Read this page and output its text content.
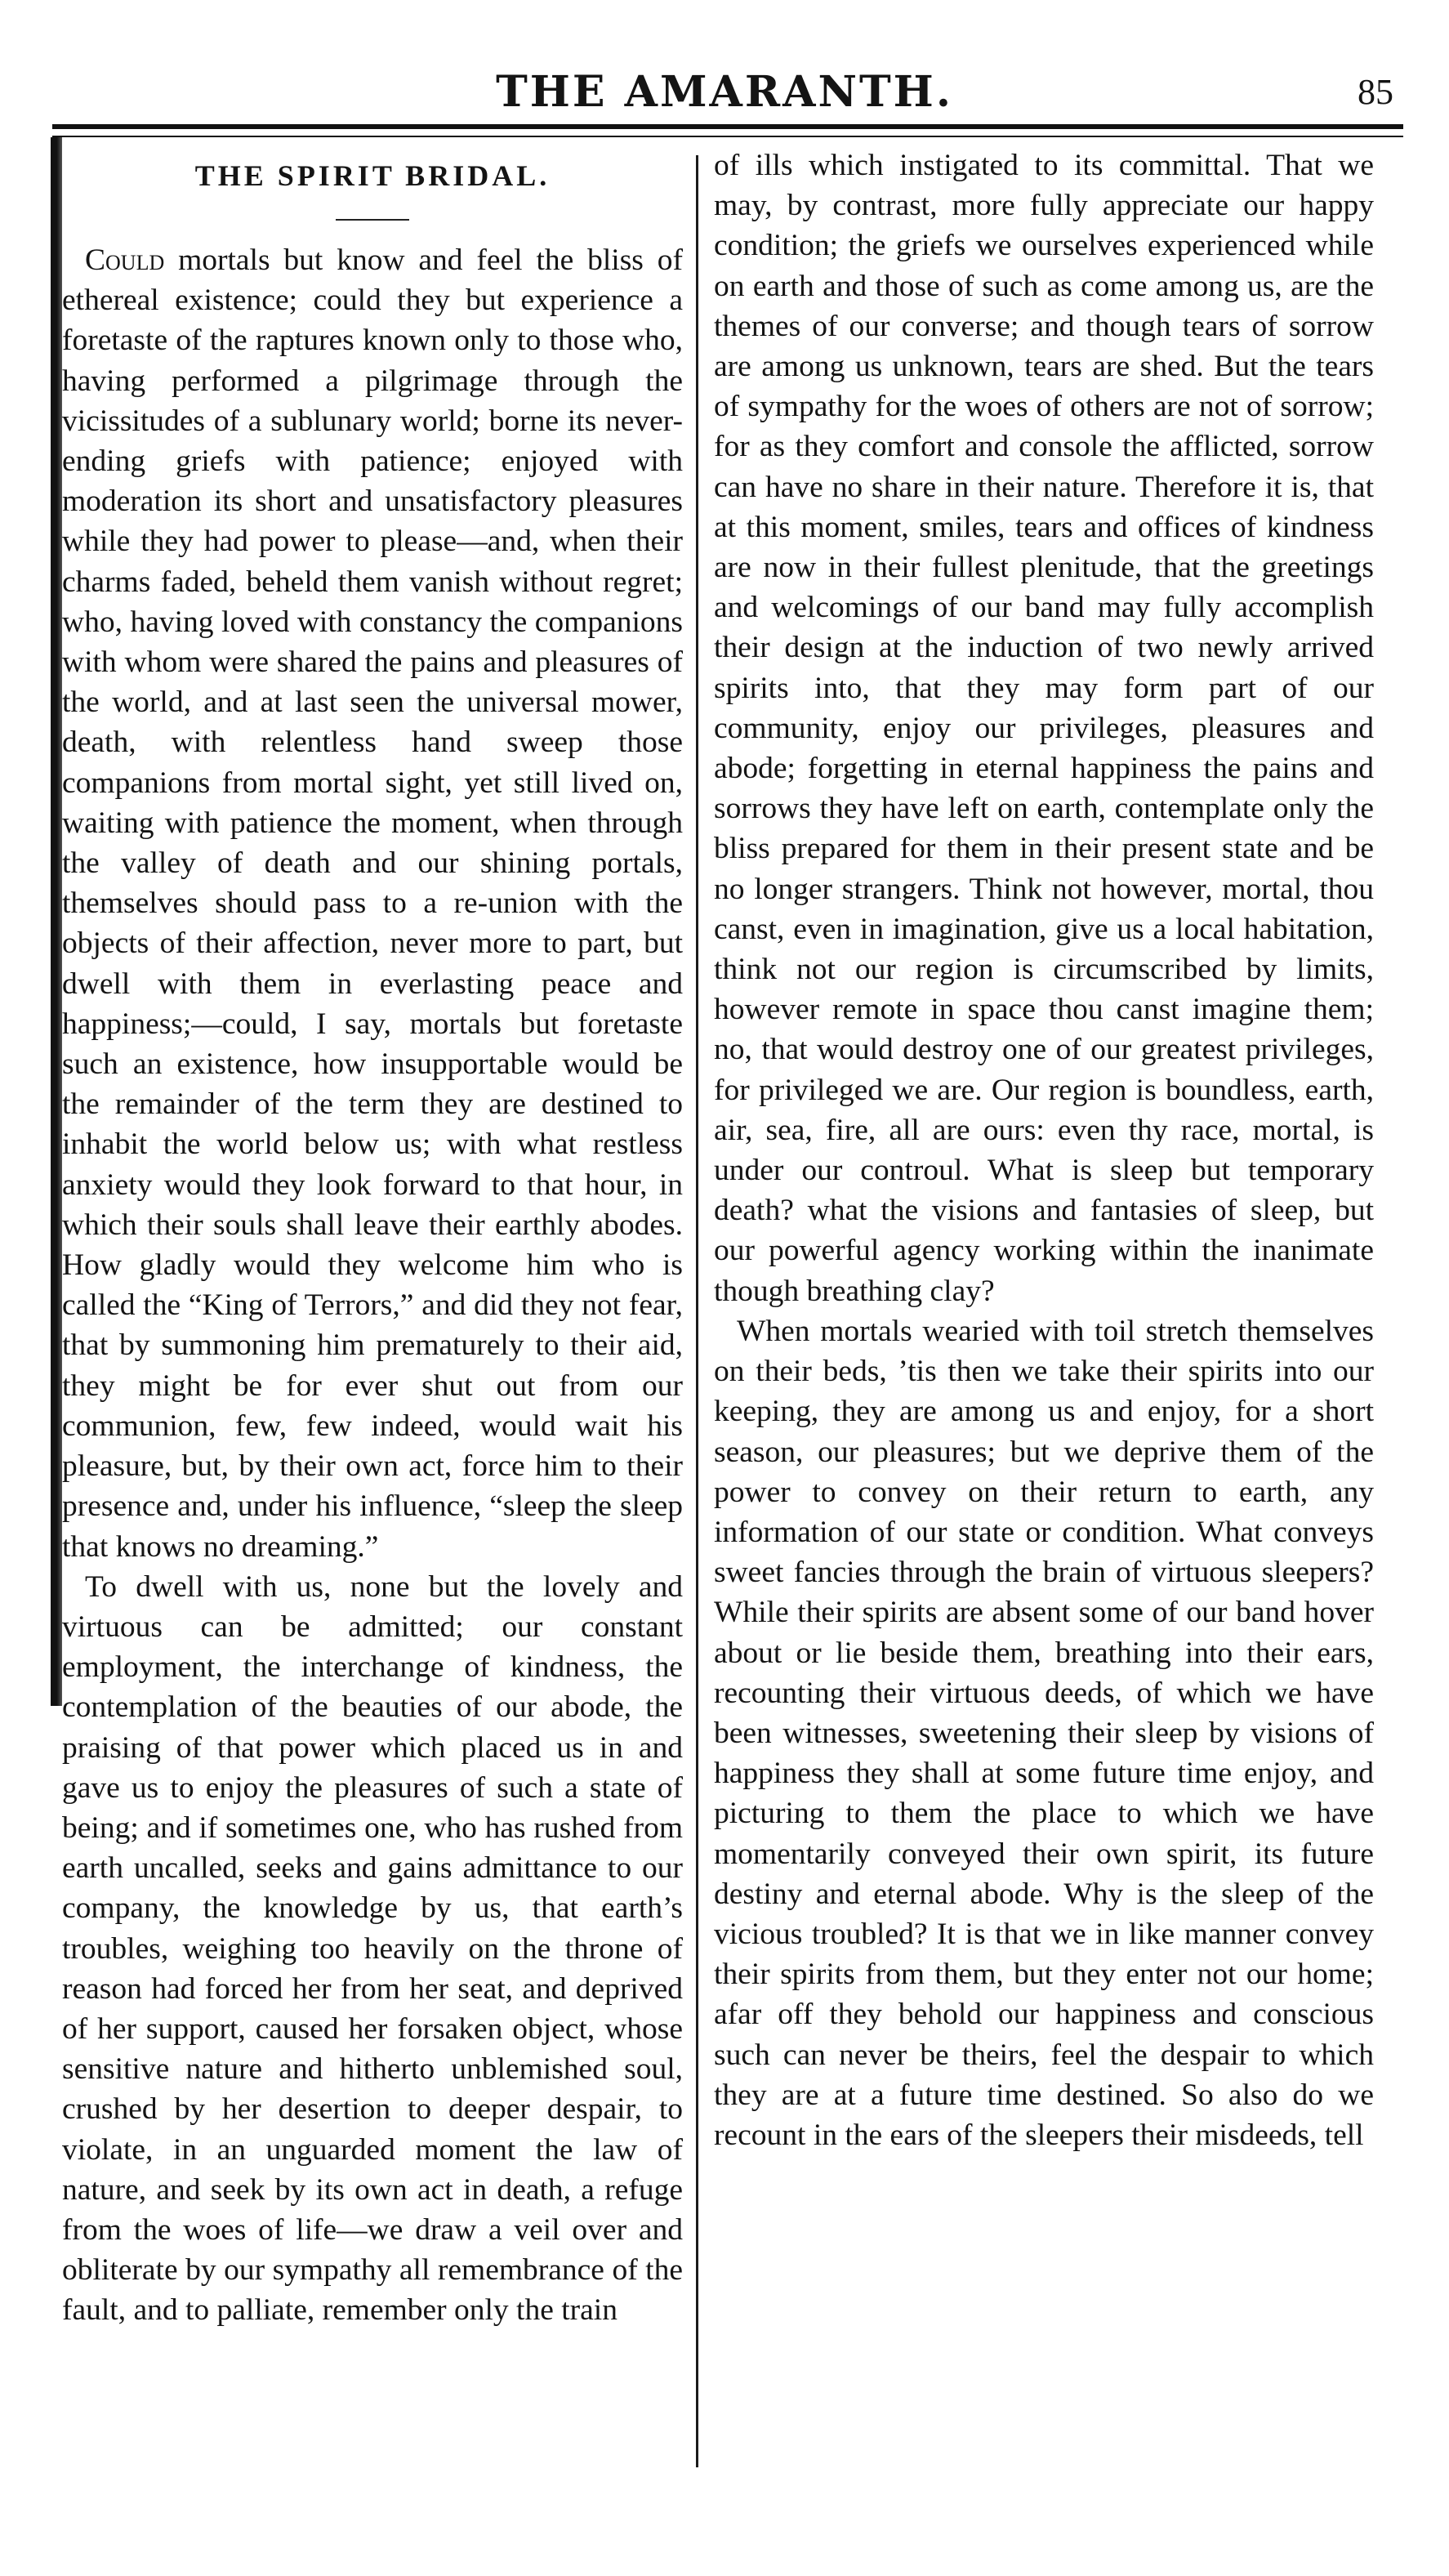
THE AMARANTH.	85
THE SPIRIT BRIDAL.

Could mortals but know and feel the bliss of ethereal existence; could they but experience a foretaste of the raptures known only to those who, having performed a pilgrimage through the vicissitudes of a sublunary world; borne its never-ending griefs with patience; enjoyed with moderation its short and unsatisfactory pleasures while they had power to please—and, when their charms faded, beheld them vanish without regret; who, having loved with constancy the companions with whom were shared the pains and pleasures of the world, and at last seen the universal mower, death, with relentless hand sweep those companions from mortal sight, yet still lived on, waiting with patience the moment, when through the valley of death and our shining portals, themselves should pass to a re-union with the objects of their affection, never more to part, but dwell with them in everlasting peace and happiness;—could, I say, mortals but foretaste such an existence, how insupportable would be the remainder of the term they are destined to inhabit the world below us; with what restless anxiety would they look forward to that hour, in which their souls shall leave their earthly abodes. How gladly would they welcome him who is called the “King of Terrors,” and did they not fear, that by summoning him prematurely to their aid, they might be for ever shut out from our communion, few, few indeed, would wait his pleasure, but, by their own act, force him to their presence and, under his influence, “sleep the sleep that knows no dreaming.”

To dwell with us, none but the lovely and virtuous can be admitted; our constant employment, the interchange of kindness, the contemplation of the beauties of our abode, the praising of that power which placed us in and gave us to enjoy the pleasures of such a state of being; and if sometimes one, who has rushed from earth uncalled, seeks and gains admittance to our company, the knowledge by us, that earth’s troubles, weighing too heavily on the throne of reason had forced her from her seat, and deprived of her support, caused her forsaken object, whose sensitive nature and hitherto unblemished soul, crushed by her desertion to deeper despair, to violate, in an unguarded moment the law of nature, and seek by its own act in death, a refuge from the woes of life—we draw a veil over and obliterate by our sympathy all remembrance of the fault, and to palliate, remember only the train

of ills which instigated to its committal. That we may, by contrast, more fully appreciate our happy condition; the griefs we ourselves experienced while on earth and those of such as come among us, are the themes of our converse; and though tears of sorrow are among us unknown, tears are shed. But the tears of sympathy for the woes of others are not of sorrow; for as they comfort and console the afflicted, sorrow can have no share in their nature. Therefore it is, that at this moment, smiles, tears and offices of kindness are now in their fullest plenitude, that the greetings and welcomings of our band may fully accomplish their design at the induction of two newly arrived spirits into, that they may form part of our community, enjoy our privileges, pleasures and abode; forgetting in eternal happiness the pains and sorrows they have left on earth, contemplate only the bliss prepared for them in their present state and be no longer strangers. Think not however, mortal, thou canst, even in imagination, give us a local habitation, think not our region is circumscribed by limits, however remote in space thou canst imagine them; no, that would destroy one of our greatest privileges, for privileged we are. Our region is boundless, earth, air, sea, fire, all are ours: even thy race, mortal, is under our controul. What is sleep but temporary death? what the visions and fantasies of sleep, but our powerful agency working within the inanimate though breathing clay?

When mortals wearied with toil stretch themselves on their beds, ’tis then we take their spirits into our keeping, they are among us and enjoy, for a short season, our pleasures; but we deprive them of the power to convey on their return to earth, any information of our state or condition. What conveys sweet fancies through the brain of virtuous sleepers? While their spirits are absent some of our band hover about or lie beside them, breathing into their ears, recounting their virtuous deeds, of which we have been witnesses, sweetening their sleep by visions of happiness they shall at some future time enjoy, and picturing to them the place to which we have momentarily conveyed their own spirit, its future destiny and eternal abode. Why is the sleep of the vicious troubled? It is that we in like manner convey their spirits from them, but they enter not our home; afar off they behold our happiness and conscious such can never be theirs, feel the despair to which they are at a future time destined. So also do we recount in the ears of the sleepers their misdeeds, tell
